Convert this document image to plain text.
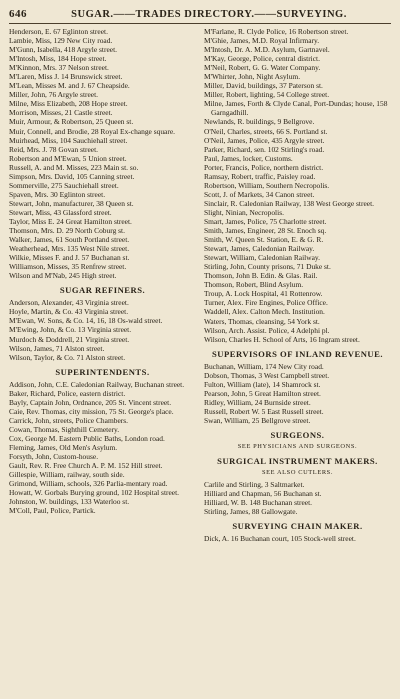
646	SUGAR.——TRADES DIRECTORY.——SURVEYING.
Henderson, E. 67 Eglinton street.
Lambie, Miss, 129 New City road.
M'Gunn, Isabella, 418 Argyle street.
M'Intosh, Miss, 184 Hope street.
M'Kinnon, Mrs. 37 Nelson street.
M'Laren, Miss J. 14 Brunswick street.
M'Lean, Misses M. and J. 67 Cheapside.
Miller, John, 76 Argyle street.
Milne, Miss Elizabeth, 208 Hope street.
Morrison, Misses, 21 Castle street.
Muir, Armour, & Robertson, 25 Queen st.
Muir, Connell, and Brodie, 28 Royal Ex-change square.
Muirhead, Miss, 104 Sauchiehall street.
Reid, Mrs. J. 78 Govan street.
Robertson and M'Ewan, 5 Union street.
Russell, A. and M. Misses, 223 Main st. so.
Simpson, Mrs. David, 105 Canning street.
Sommerville, 275 Sauchiehall street.
Spaven, Mrs. 30 Eglinton street.
Stewart, John, manufacturer, 38 Queen st.
Stewart, Miss, 43 Glassford street.
Taylor, Miss E. 24 Great Hamilton street.
Thomson, Mrs. D. 29 North Coburg st.
Walker, James, 61 South Portland street.
Weatherhead, Mrs. 135 West Nile street.
Wilkie, Misses F. and J. 57 Buchanan st.
Williamson, Misses, 35 Renfrew street.
Wilson and M'Nab, 245 High street.
SUGAR REFINERS.
Anderson, Alexander, 43 Virginia street.
Hoyle, Martin, & Co. 43 Virginia street.
M'Ewan, W. Sons, & Co. 14, 16, 18 Os-wald street.
M'Ewing, John, & Co. 13 Virginia street.
Murdoch & Doddrell, 21 Virginia street.
Wilson, James, 71 Alston street.
Wilson, Taylor, & Co. 71 Alston street.
SUPERINTENDENTS.
Addison, John, C.E. Caledonian Railway, Buchanan street.
Baker, Richard, Police, eastern district.
Bayly, Captain John, Ordnance, 205 St. Vincent street.
Caie, Rev. Thomas, city mission, 75 St. George's place.
Carrick, John, streets, Police Chambers.
Cowan, Thomas, Sighthill Cemetery.
Cox, George M. Eastern Public Baths, London road.
Fleming, James, Old Men's Asylum.
Forsyth, John, Custom-house.
Gault, Rev. R. Free Church A. P. M. 152 Hill street.
Gillespie, William, railway, south side.
Grimond, William, schools, 326 Parlia-mentary road.
Howatt, W. Gorbals Burying ground, 102 Hospital street.
Johnston, W. buildings, 133 Waterloo st.
M'Coll, Paul, Police, Partick.
M'Farlane, R. Clyde Police, 16 Robertson street.
M'Ghie, James, M.D. Royal Infirmary.
M'Intosh, Dr. A. M.D. Asylum, Gartnavel.
M'Kay, George, Police, central district.
M'Neil, Robert, G. G. Water Company.
M'Whirter, John, Night Asylum.
Miller, David, buildings, 37 Paterson st.
Miller, Robert, lighting, 54 College street.
Milne, James, Forth & Clyde Canal, Port-Dundas; house, 158 Garngadhill.
Newlands, R. buildings, 9 Bellgrove.
O'Neil, Charles, streets, 66 S. Portland st.
O'Neil, James, Police, 435 Argyle street.
Parker, Richard, sen. 102 Stirling's road.
Paul, James, locker, Customs.
Porter, Francis, Police, northern district.
Ramsay, Robert, traffic, Paisley road.
Robertson, William, Southern Necropolis.
Scott, J. of Markets, 34 Canon street.
Sinclair, R. Caledonian Railway, 138 West George street.
Slight, Ninian, Necropolis.
Smart, James, Police, 75 Charlotte street.
Smith, James, Engineer, 28 St. Enoch sq.
Smith, W. Queen St. Station, E. & G. R.
Stewart, James, Caledonian Railway.
Stewart, William, Caledonian Railway.
Stirling, John, County prisons, 71 Duke st.
Thomson, John B. Edin. & Glas. Rail.
Thomson, Robert, Blind Asylum.
Troup, A. Lock Hospital, 41 Rottenrow.
Turner, Alex. Fire Engines, Police Office.
Waddell, Alex. Calton Mech. Institution.
Waters, Thomas, cleansing, 54 York st.
Wilson, Arch. Assist. Police, 4 Adelphi pl.
Wilson, Charles H. School of Arts, 16 Ingram street.
SUPERVISORS OF INLAND REVENUE.
Buchanan, William, 174 New City road.
Dobson, Thomas, 3 West Campbell street.
Fulton, William (late), 14 Shamrock st.
Pearson, John, 5 Great Hamilton street.
Ridley, William, 24 Burnside street.
Russell, Robert W. 5 East Russell street.
Swan, William, 25 Bellgrove street.
SURGEONS.
SEE PHYSICIANS AND SURGEONS.
SURGICAL INSTRUMENT MAKERS.
SEE ALSO CUTLERS.
Carlile and Stirling, 3 Saltmarket.
Hilliard and Chapman, 56 Buchanan st.
Hilliard, W. B. 148 Buchanan street.
Stirling, James, 88 Gallowgate.
SURVEYING CHAIN MAKER.
Dick, A. 16 Buchanan court, 105 Stock-well street.
